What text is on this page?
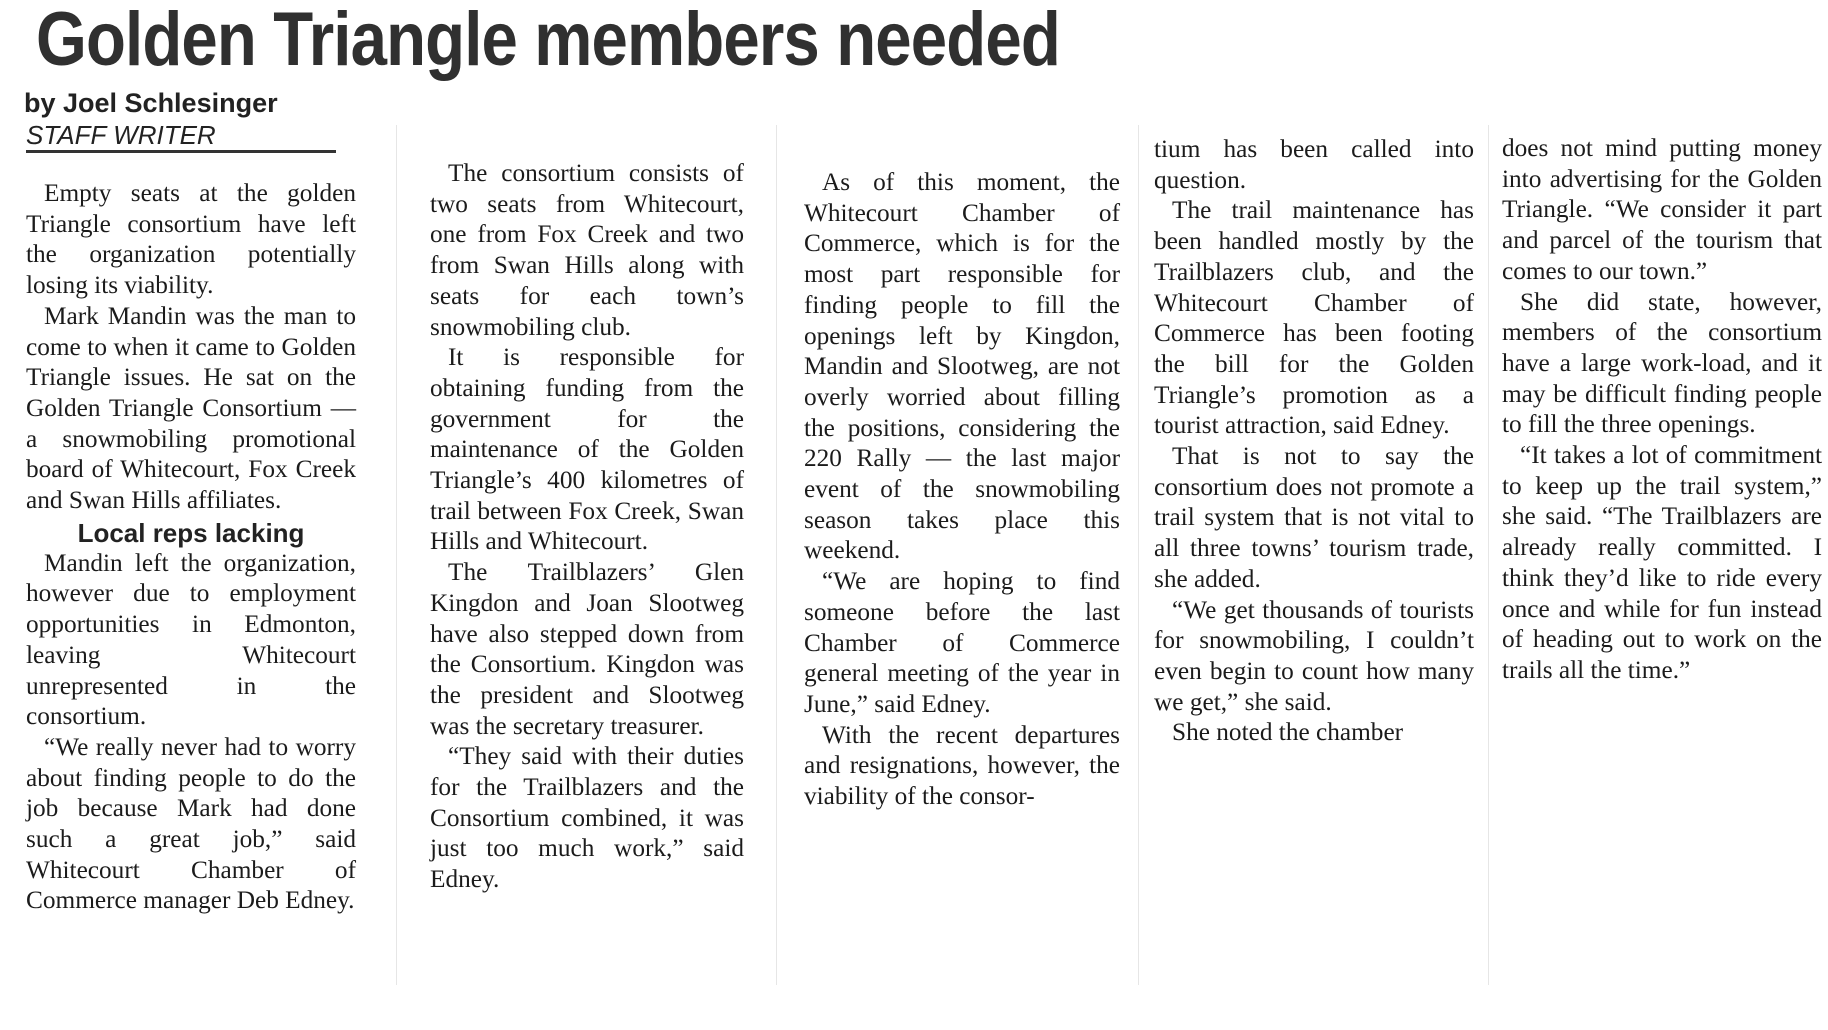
Golden Triangle members needed
by Joel Schlesinger
STAFF WRITER

Empty seats at the golden Triangle consortium have left the organization potentially losing its viability.

Mark Mandin was the man to come to when it came to Golden Triangle issues. He sat on the Golden Triangle Consortium — a snowmobiling promotional board of Whitecourt, Fox Creek and Swan Hills affiliates.

Local reps lacking

Mandin left the organization, however due to employment opportunities in Edmonton, leaving Whitecourt unrepresented in the consortium.

“We really never had to worry about finding people to do the job because Mark had done such a great job,” said Whitecourt Chamber of Commerce manager Deb Edney.

The consortium consists of two seats from Whitecourt, one from Fox Creek and two from Swan Hills along with seats for each town’s snowmobiling club.

It is responsible for obtaining funding from the government for the maintenance of the Golden Triangle’s 400 kilometres of trail between Fox Creek, Swan Hills and Whitecourt.

The Trailblazers’ Glen Kingdon and Joan Slootweg have also stepped down from the Consortium. Kingdon was the president and Slootweg was the secretary treasurer.

“They said with their duties for the Trailblazers and the Consortium combined, it was just too much work,” said Edney.

As of this moment, the Whitecourt Chamber of Commerce, which is for the most part responsible for finding people to fill the openings left by Kingdon, Mandin and Slootweg, are not overly worried about filling the positions, considering the 220 Rally — the last major event of the snowmobiling season takes place this weekend.

“We are hoping to find someone before the last Chamber of Commerce general meeting of the year in June,” said Edney.

With the recent departures and resignations, however, the viability of the consor-

tium has been called into question.

The trail maintenance has been handled mostly by the Trailblazers club, and the Whitecourt Chamber of Commerce has been footing the bill for the Golden Triangle’s promotion as a tourist attraction, said Edney.

That is not to say the consortium does not promote a trail system that is not vital to all three towns’ tourism trade, she added.

“We get thousands of tourists for snowmobiling, I couldn’t even begin to count how many we get,” she said.

She noted the chamber

does not mind putting money into advertising for the Golden Triangle. “We consider it part and parcel of the tourism that comes to our town.”

She did state, however, members of the consortium have a large work-load, and it may be difficult finding people to fill the three openings.

“It takes a lot of commitment to keep up the trail system,” she said. “The Trailblazers are already really committed. I think they’d like to ride every once and while for fun instead of heading out to work on the trails all the time.”
